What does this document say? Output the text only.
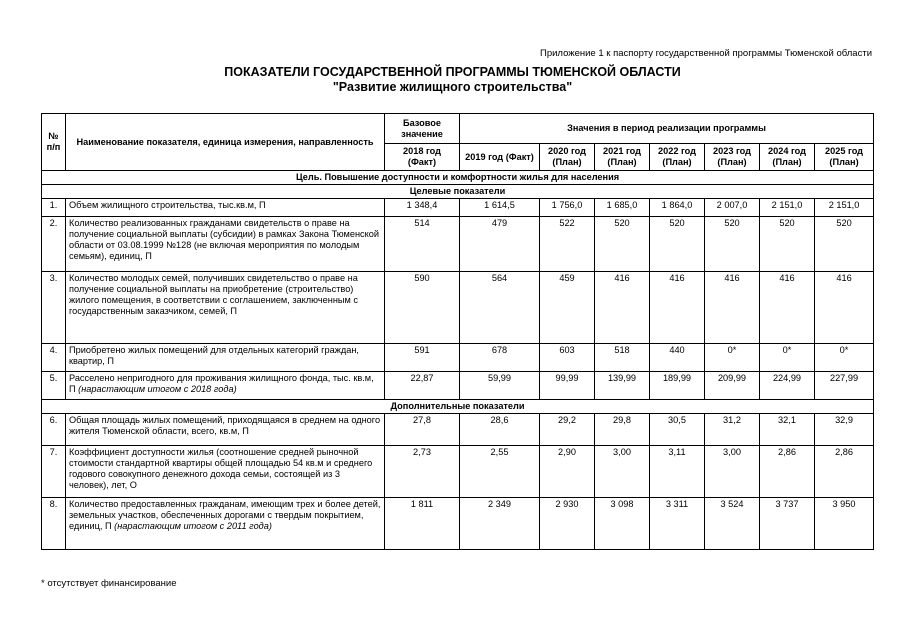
Приложение 1 к паспорту государственной программы Тюменской области
ПОКАЗАТЕЛИ ГОСУДАРСТВЕННОЙ ПРОГРАММЫ ТЮМЕНСКОЙ ОБЛАСТИ
"Развитие жилищного строительства"
№ п/п	Наименование показателя, единица измерения, направленность	Базовое значение	Значения в период реализации программы						
		2018 год (Факт)	2019 год (Факт)	2020 год (План)	2021 год (План)	2022 год (План)	2023 год (План)	2024 год (План)	2025 год (План)
Цель. Повышение доступности и комфортности жилья для населения									
Целевые показатели									
1.	Объем жилищного строительства, тыс.кв.м, П	1 348,4	1 614,5	1 756,0	1 685,0	1 864,0	2 007,0	2 151,0	2 151,0
2.	Количество реализованных гражданами свидетельств о праве на получение социальной выплаты (субсидии) в рамках Закона Тюменской области от 03.08.1999 №128 (не включая мероприятия по молодым семьям), единиц, П	514	479	522	520	520	520	520	520
3.	Количество молодых семей, получивших свидетельство о праве на получение социальной выплаты на приобретение (строительство) жилого помещения, в соответствии с соглашением, заключенным с государственным заказчиком, семей, П	590	564	459	416	416	416	416	416
4.	Приобретено жилых помещений для отдельных категорий граждан, квартир, П	591	678	603	518	440	0*	0*	0*
5.	Расселено непригодного для проживания жилищного фонда, тыс. кв.м, П (нарастающим итогом с 2018 года)	22,87	59,99	99,99	139,99	189,99	209,99	224,99	227,99
Дополнительные показатели									
6.	Общая площадь жилых помещений, приходящаяся в среднем на одного жителя Тюменской области, всего, кв.м, П	27,8	28,6	29,2	29,8	30,5	31,2	32,1	32,9
7.	Коэффициент доступности жилья (соотношение средней рыночной стоимости стандартной квартиры общей площадью 54 кв.м и среднего годового совокупного денежного дохода семьи, состоящей из 3 человек), лет, О	2,73	2,55	2,90	3,00	3,11	3,00	2,86	2,86
8.	Количество предоставленных гражданам, имеющим трех и более детей, земельных участков, обеспеченных дорогами с твердым покрытием, единиц, П (нарастающим итогом с 2011 года)	1 811	2 349	2 930	3 098	3 311	3 524	3 737	3 950
* отсутствует финансирование
